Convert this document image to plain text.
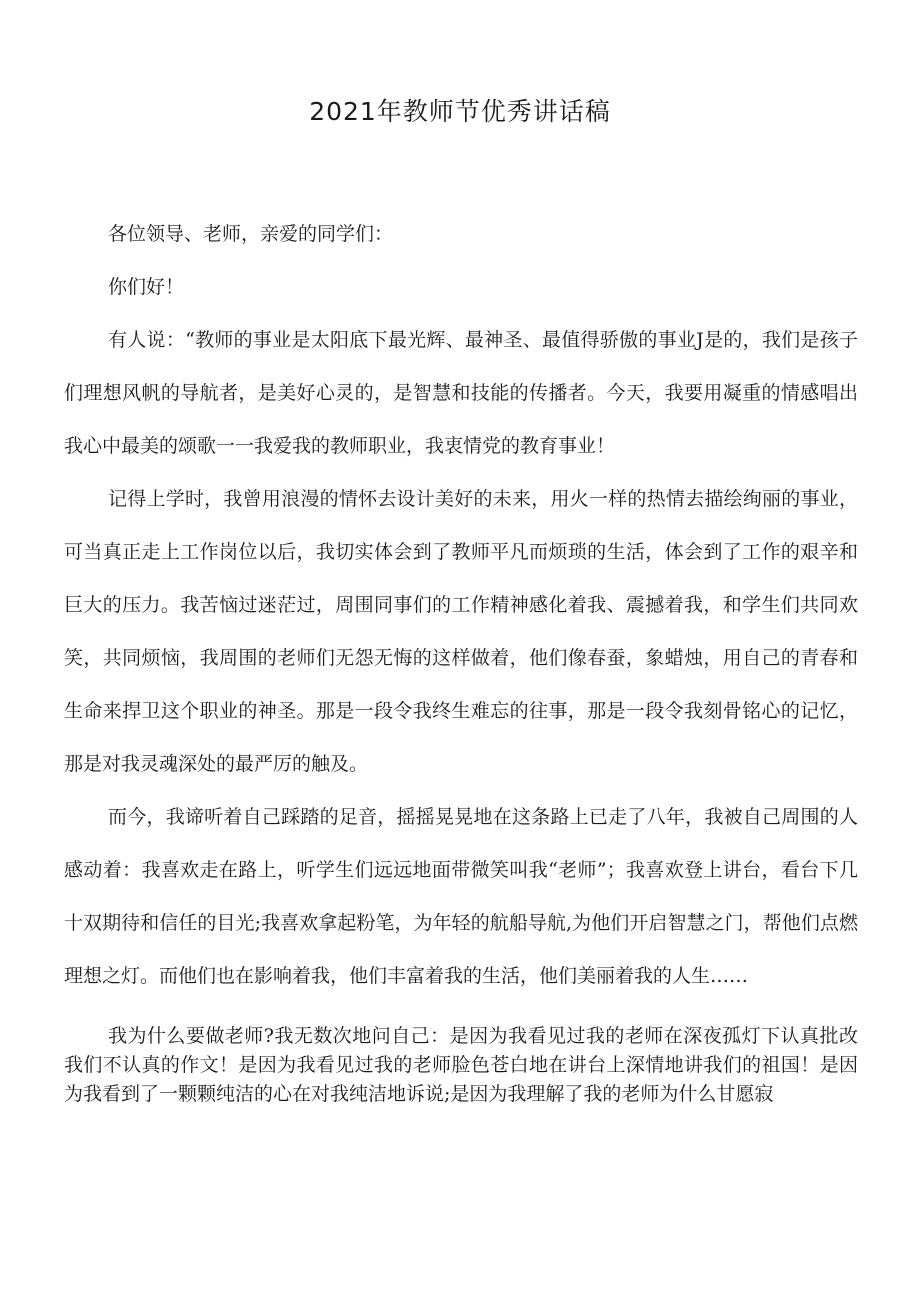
2021年教师节优秀讲话稿

各位领导、老师，亲爱的同学们：

你们好！

有人说：“教师的事业是太阳底下最光辉、最神圣、最值得骄傲的事业J是的，我们是孩子们理想风帆的导航者，是美好心灵的，是智慧和技能的传播者。今天，我要用凝重的情感唱出我心中最美的颂歌一一我爱我的教师职业，我衷情党的教育事业！

记得上学时，我曾用浪漫的情怀去设计美好的未来，用火一样的热情去描绘绚丽的事业，可当真正走上工作岗位以后，我切实体会到了教师平凡而烦琐的生活，体会到了工作的艰辛和巨大的压力。我苦恼过迷茫过，周围同事们的工作精神感化着我、震撼着我，和学生们共同欢笑，共同烦恼，我周围的老师们无怨无悔的这样做着，他们像春蚕，象蜡烛，用自己的青春和生命来捍卫这个职业的神圣。那是一段令我终生难忘的往事，那是一段令我刻骨铭心的记忆，那是对我灵魂深处的最严厉的触及。

而今，我谛听着自己踩踏的足音，摇摇晃晃地在这条路上已走了八年，我被自己周围的人感动着：我喜欢走在路上，听学生们远远地面带微笑叫我“老师”；我喜欢登上讲台，看台下几十双期待和信任的目光;我喜欢拿起粉笔，为年轻的航船导航,为他们开启智慧之门，帮他们点燃理想之灯。而他们也在影响着我，他们丰富着我的生活，他们美丽着我的人生……

我为什么要做老师?我无数次地问自己：是因为我看见过我的老师在深夜孤灯下认真批改我们不认真的作文！是因为我看见过我的老师脸色苍白地在讲台上深情地讲我们的祖国！是因为我看到了一颗颗纯洁的心在对我纯洁地诉说;是因为我理解了我的老师为什么甘愿寂
